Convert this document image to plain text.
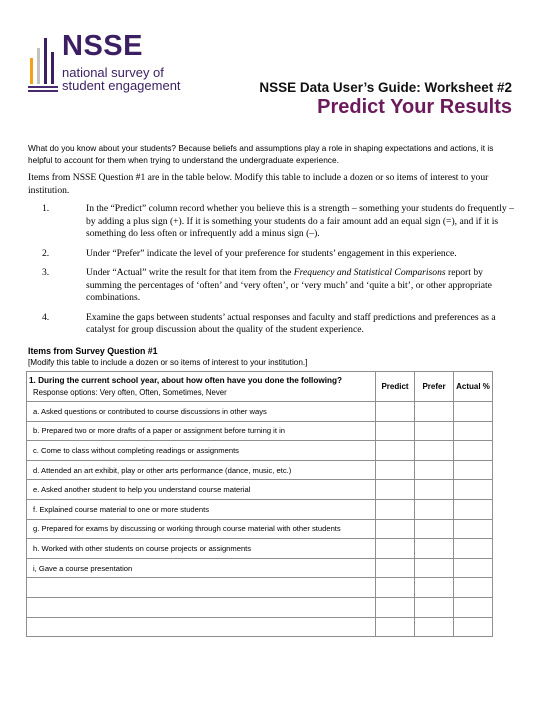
NSSE
national survey of
student engagement	NSSE Data User’s Guide: Worksheet #2
Predict Your Results

What do you know about your students? Because beliefs and assumptions play a role in shaping expectations and actions, it is helpful to account for them when trying to understand the undergraduate experience.

Items from NSSE Question #1 are in the table below. Modify this table to include a dozen or so items of interest to your institution.

1.	In the “Predict” column record whether you believe this is a strength – something your students do frequently – by adding a plus sign (+). If it is something your students do a fair amount add an equal sign (=), and if it is something do less often or infrequently add a minus sign (–).
2.	Under “Prefer” indicate the level of your preference for students’ engagement in this experience.
3.	Under “Actual” write the result for that item from the Frequency and Statistical Comparisons report by summing the percentages of ‘often’ and ‘very often’, or ‘very much’ and ‘quite a bit’, or other appropriate combinations.
4.	Examine the gaps between students’ actual responses and faculty and staff predictions and preferences as a catalyst for group discussion about the quality of the student experience.
Items from Survey Question #1
[Modify this table to include a dozen or so items of interest to your institution.]
1. During the current school year, about how often have you done the following?
Response options: Very often, Often, Sometimes, Never	Predict	Prefer	Actual %
a. Asked questions or contributed to course discussions in other ways			
b. Prepared two or more drafts of a paper or assignment before turning it in			
c. Come to class without completing readings or assignments			
d. Attended an art exhibit, play or other arts performance (dance, music, etc.)			
e. Asked another student to help you understand course material			
f. Explained course material to one or more students			
g. Prepared for exams by discussing or working through course material with other students			
h. Worked with other students on course projects or assignments			
i, Gave a course presentation			
